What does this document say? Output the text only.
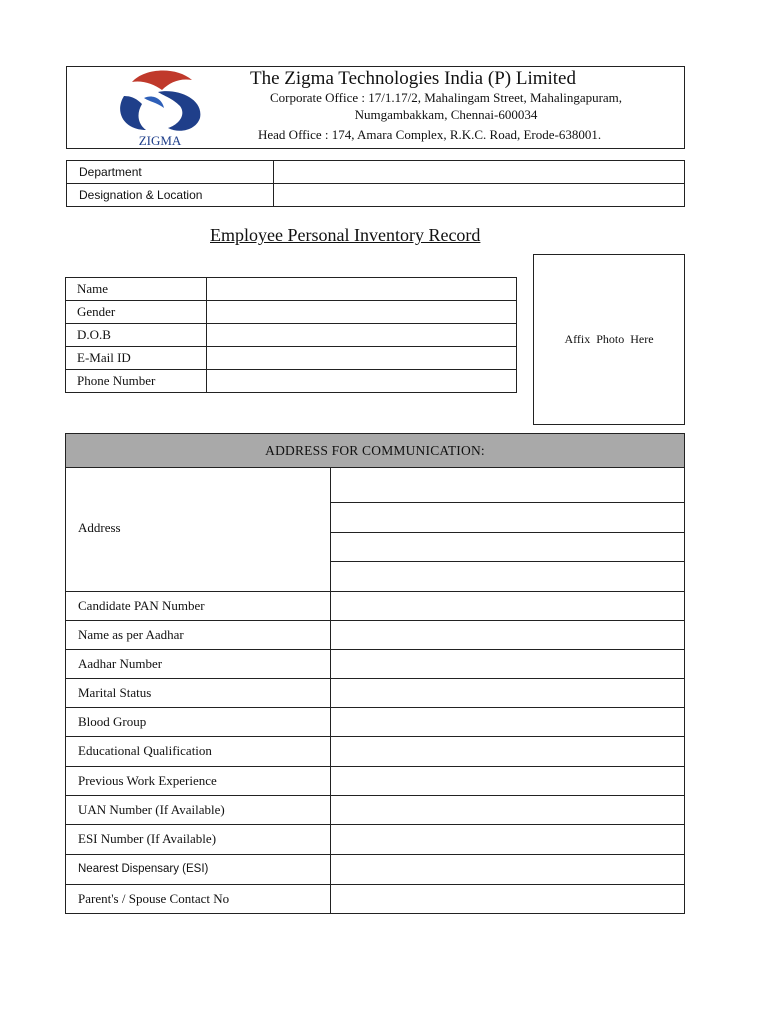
ZIGMA
The Zigma Technologies India (P) Limited
Corporate Office : 17/1.17/2, Mahalingam Street, Mahalingapuram,
Numgambakkam, Chennai-600034
Head Office : 174, Amara Complex, R.K.C. Road, Erode-638001.
Department	
Designation & Location	
Employee Personal Inventory Record
Name	
Gender	
D.O.B	
E-Mail ID	
Phone Number	
Affix  Photo  Here
ADDRESS FOR COMMUNICATION:
Address
Candidate PAN Number
Name as per Aadhar
Aadhar Number
Marital Status
Blood Group
Educational Qualification
Previous Work Experience
UAN Number (If Available)
ESI Number (If Available)
Nearest Dispensary (ESI)
Parent's / Spouse Contact No
